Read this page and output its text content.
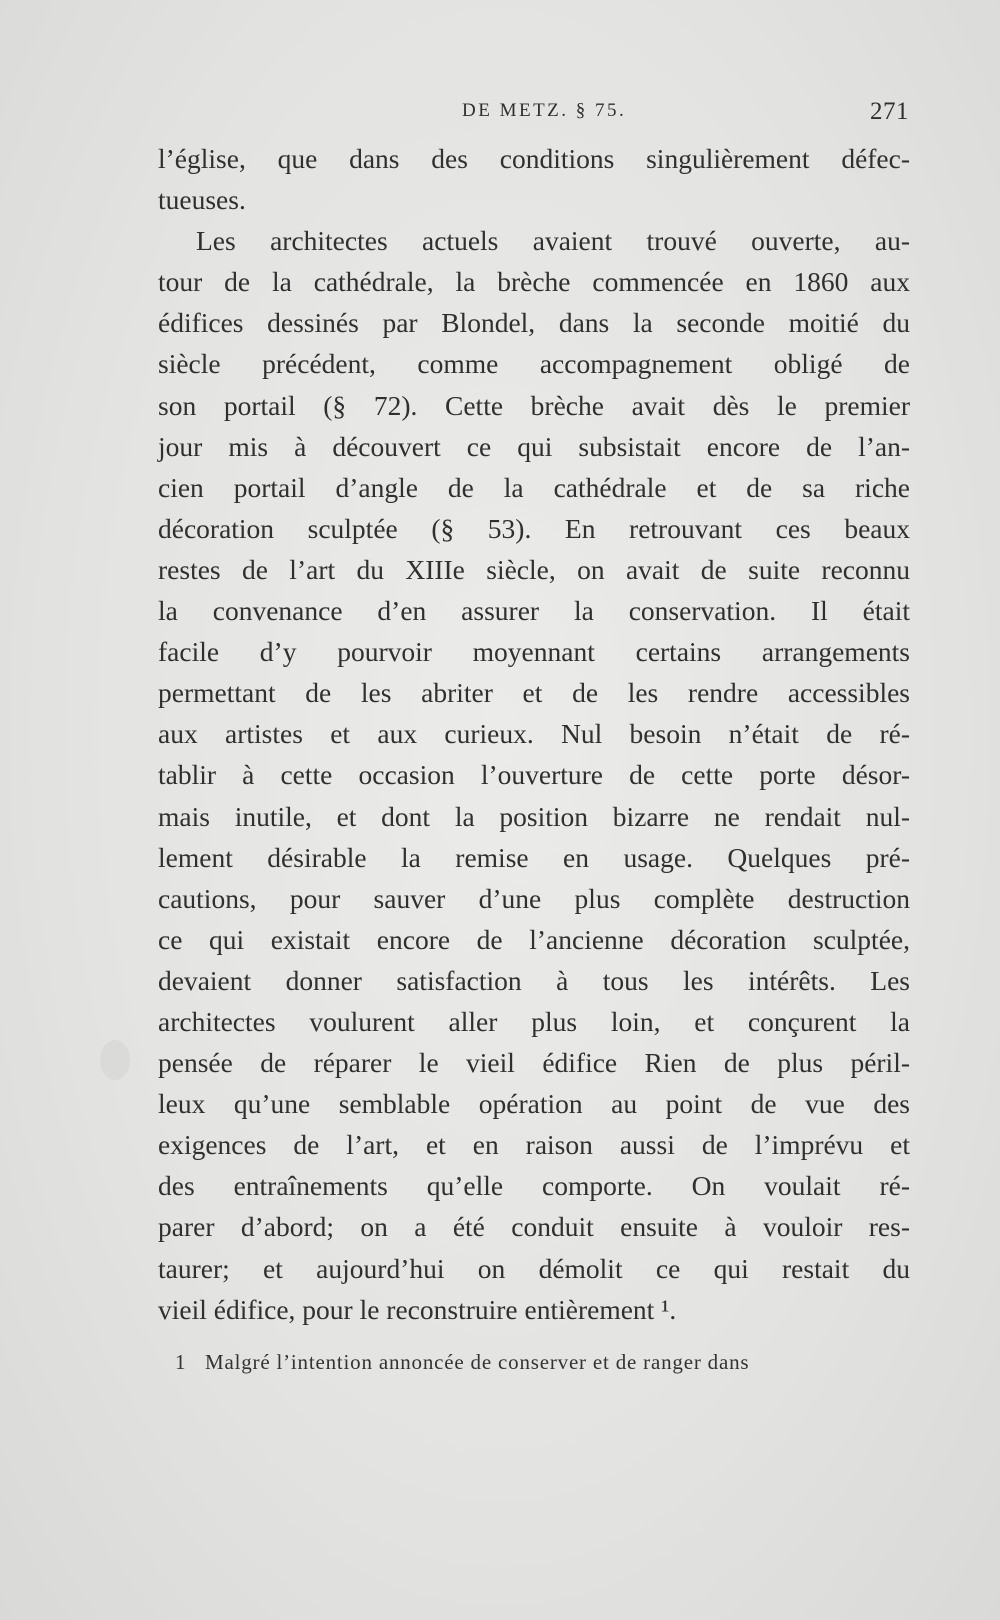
DE METZ. § 75.	271
l’église, que dans des conditions singulièrement défec-
tueuses.
Les architectes actuels avaient trouvé ouverte, au-
tour de la cathédrale, la brèche commencée en 1860 aux
édifices dessinés par Blondel, dans la seconde moitié du
siècle précédent, comme accompagnement obligé de
son portail (§ 72). Cette brèche avait dès le premier
jour mis à découvert ce qui subsistait encore de l’an-
cien portail d’angle de la cathédrale et de sa riche
décoration sculptée (§ 53). En retrouvant ces beaux
restes de l’art du XIIIe siècle, on avait de suite reconnu
la convenance d’en assurer la conservation. Il était
facile d’y pourvoir moyennant certains arrangements
permettant de les abriter et de les rendre accessibles
aux artistes et aux curieux. Nul besoin n’était de ré-
tablir à cette occasion l’ouverture de cette porte désor-
mais inutile, et dont la position bizarre ne rendait nul-
lement désirable la remise en usage. Quelques pré-
cautions, pour sauver d’une plus complète destruction
ce qui existait encore de l’ancienne décoration sculptée,
devaient donner satisfaction à tous les intérêts. Les
architectes voulurent aller plus loin, et conçurent la
pensée de réparer le vieil édifice Rien de plus péril-
leux qu’une semblable opération au point de vue des
exigences de l’art, et en raison aussi de l’imprévu et
des entraînements qu’elle comporte. On voulait ré-
parer d’abord; on a été conduit ensuite à vouloir res-
taurer; et aujourd’hui on démolit ce qui restait du
vieil édifice, pour le reconstruire entièrement ¹.
1 Malgré l’intention annoncée de conserver et de ranger dans
